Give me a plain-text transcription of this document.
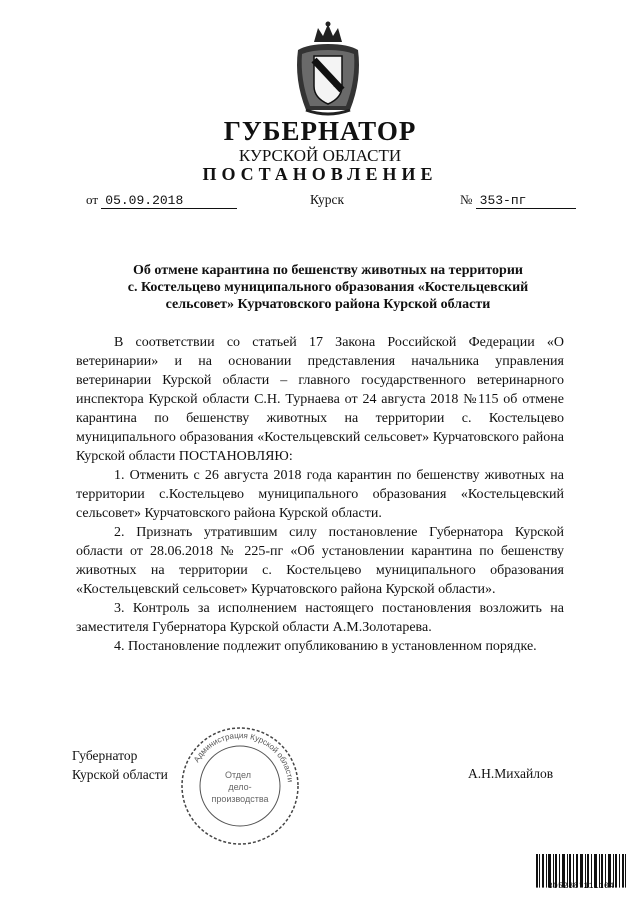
ГУБЕРНАТОР
КУРСКОЙ ОБЛАСТИ
ПОСТАНОВЛЕНИЕ
от 05.09.2018	Курск	№ 353-пг
Об отмене карантина по бешенству животных на территории
с. Костельцево муниципального образования «Костельцевский
сельсовет» Курчатовского района Курской области

В соответствии со статьей 17 Закона Российской Федерации «О ветеринарии» и на основании представления начальника управления ветеринарии Курской области – главного государственного ветеринарного инспектора Курской области С.Н. Турнаева от 24 августа 2018 №115 об отмене карантина по бешенству животных на территории с. Костельцево муниципального образования «Костельцевский сельсовет» Курчатовского района Курской области ПОСТАНОВЛЯЮ:

1. Отменить с 26 августа 2018 года карантин по бешенству животных на территории с.Костельцево муниципального образования «Костельцевский сельсовет» Курчатовского района Курской области.

2. Признать утратившим силу постановление Губернатора Курской области от 28.06.2018 № 225-пг «Об установлении карантина по бешенству животных на территории с. Костельцево муниципального образования «Костельцевский сельсовет» Курчатовского района Курской области».

3. Контроль за исполнением настоящего постановления возложить на заместителя Губернатора Курской области А.М.Золотарева.

4. Постановление подлежит опубликованию в установленном порядке.

Губернатор
Курской области	А.Н.Михайлов
Администрация Курской области
Отдел
дело-
производства
305288*111104
